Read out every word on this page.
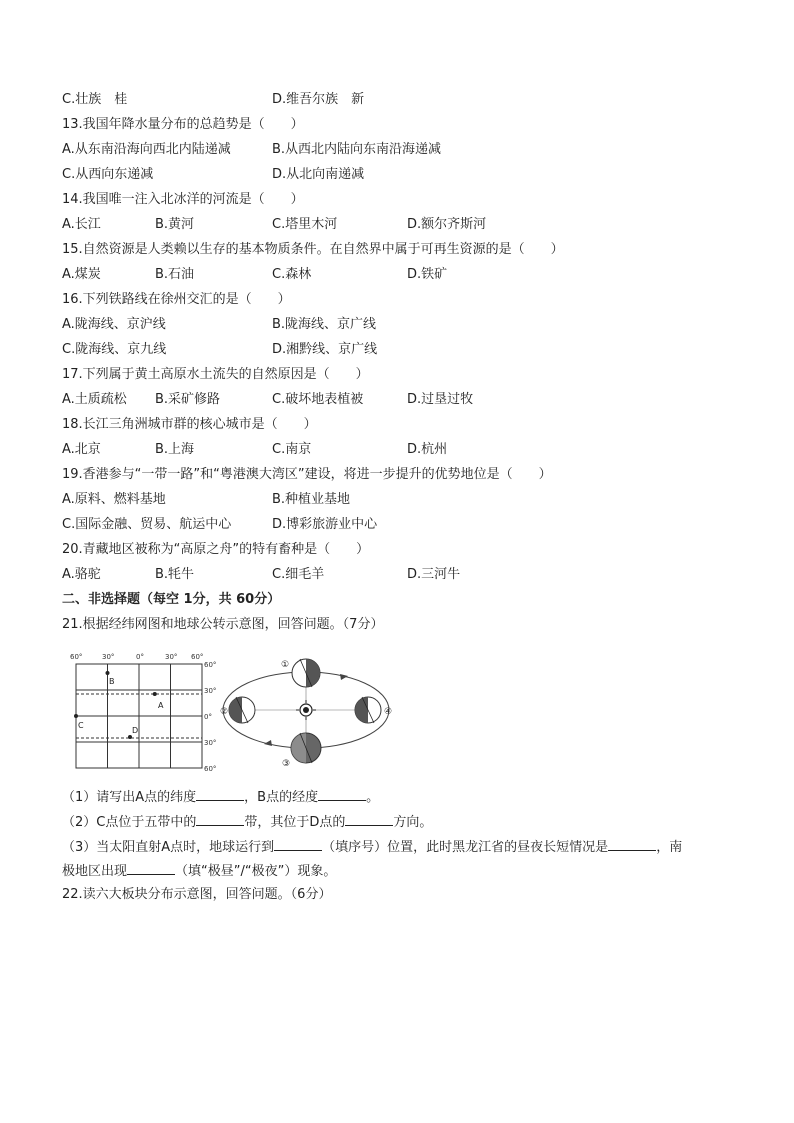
C.壮族　桂	D.维吾尔族　新
13.我国年降水量分布的总趋势是（　　）
A.从东南沿海向西北内陆递减	B.从西北内陆向东南沿海递减
C.从西向东递减	D.从北向南递减
14.我国唯一注入北冰洋的河流是（　　）
A.长江	B.黄河	C.塔里木河	D.额尔齐斯河
15.自然资源是人类赖以生存的基本物质条件。在自然界中属于可再生资源的是（　　）
A.煤炭	B.石油	C.森林	D.铁矿
16.下列铁路线在徐州交汇的是（　　）
A.陇海线、京沪线	B.陇海线、京广线
C.陇海线、京九线	D.湘黔线、京广线
17.下列属于黄土高原水土流失的自然原因是（　　）
A.土质疏松 B.采矿修路	C.破坏地表植被	D.过垦过牧
18.长江三角洲城市群的核心城市是（　　）
A.北京	B.上海	C.南京	D.杭州
19.香港参与“一带一路”和“粤港澳大湾区”建设，将进一步提升的优势地位是（　　）
A.原料、燃料基地	B.种植业基地
C.国际金融、贸易、航运中心	D.博彩旅游业中心
20.青藏地区被称为“高原之舟”的特有畜种是（　　）
A.骆驼	B.牦牛	C.细毛羊	D.三河牛
二、非选择题（每空 1分，共 60分）
21.根据经纬网图和地球公转示意图，回答问题。（7分）
60°	30°	0°	30° 60°
60°
30°
0°
30°
60°
B
A
C
D
①
②
③
④
（1）请写出A点的纬度	，B点的经度	。
（2）C点位于五带中的	带，其位于D点的	方向。
（3）当太阳直射A点时，地球运行到	（填序号）位置，此时黑龙江省的昼夜长短情况是	，南
极地区出现	（填“极昼”/“极夜”）现象。
22.读六大板块分布示意图，回答问题。（6分）
